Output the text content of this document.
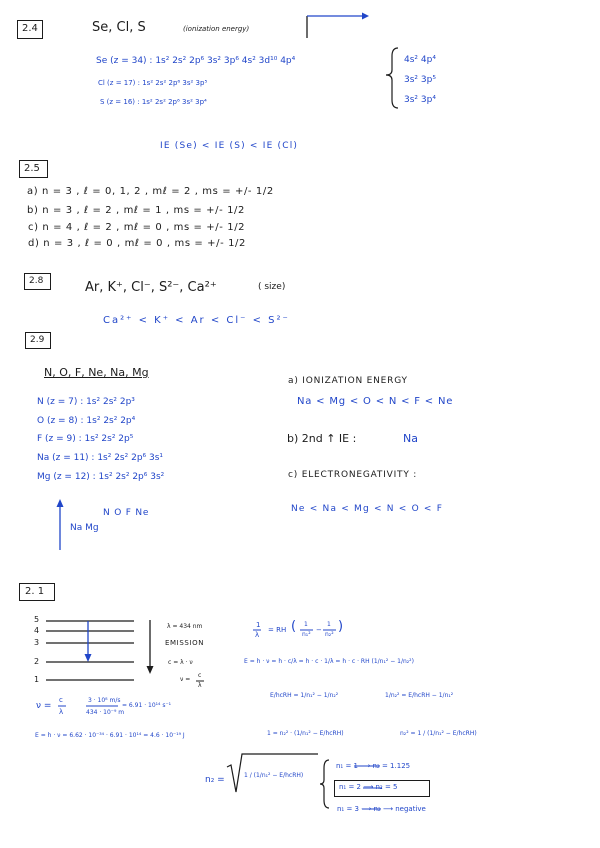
2.4	Se, Cl, S	(ionization energy)
Se (z = 34) : 1s² 2s² 2p⁶ 3s² 3p⁶ 4s² 3d¹⁰ 4p⁴
Cl (z = 17) : 1s² 2s² 2p⁶ 3s² 3p⁵
S (z = 16) : 1s² 2s² 2p⁶ 3s² 3p⁴
4s² 4p⁴
3s² 3p⁵
3s² 3p⁴
IE (Se) < IE (S) < IE (Cl)
2.5
a) n = 3 , ℓ = 0, 1, 2 , mℓ = 2 , ms = +/- 1/2
b) n = 3 , ℓ = 2 , mℓ = 1 , ms = +/- 1/2
c) n = 4 , ℓ = 2 , mℓ = 0 , ms = +/- 1/2
d) n = 3 , ℓ = 0 , mℓ = 0 , ms = +/- 1/2
2.8	Ar, K⁺, Cl⁻, S²⁻, Ca²⁺	( size)
Ca²⁺ < K⁺ < Ar < Cl⁻ < S²⁻
2.9
N, O, F, Ne, Na, Mg
N (z = 7) : 1s² 2s² 2p³
O (z = 8) : 1s² 2s² 2p⁴
F (z = 9) : 1s² 2s² 2p⁵
Na (z = 11) : 1s² 2s² 2p⁶ 3s¹
Mg (z = 12) : 1s² 2s² 2p⁶ 3s²
N O F Ne
Na Mg
a) IONIZATION ENERGY
Na < Mg < O < N < F < Ne
b) 2nd ↑ IE :	Na
c) ELECTRONEGATIVITY :
Ne < Na < Mg < N < O < F
2. 1
5
4
3
2
1
λ = 434 nm
EMISSION
c = λ · ν
ν =
c
λ
ν =
c
λ
3 · 10⁸ m/s
434 · 10⁻⁹ m
= 6.91 · 10¹⁴ s⁻¹
E = h · ν = 6.62 · 10⁻³⁴ · 6.91 · 10¹⁴ = 4.6 · 10⁻¹⁹ J
1
λ
= RH ( 1
n₁²
−
1
n₂²
)
E = h · ν = h · c/λ = h · c · 1/λ = h · c · RH (1/n₁² − 1/n₂²)
E/hcRH = 1/n₁² − 1/n₂²	1/n₂² = E/hcRH − 1/n₁²
1 = n₂² · (1/n₁² − E/hcRH)	n₂² = 1 / (1/n₁² − E/hcRH)
n₂ =	1 / (1/n₁² − E/hcRH)
n₁ = 1 ⟶ n₂ = 1.125
n₁ = 2 ⟶ n₂ = 5
n₁ = 3 ⟶ n₂ ⟶ negative
